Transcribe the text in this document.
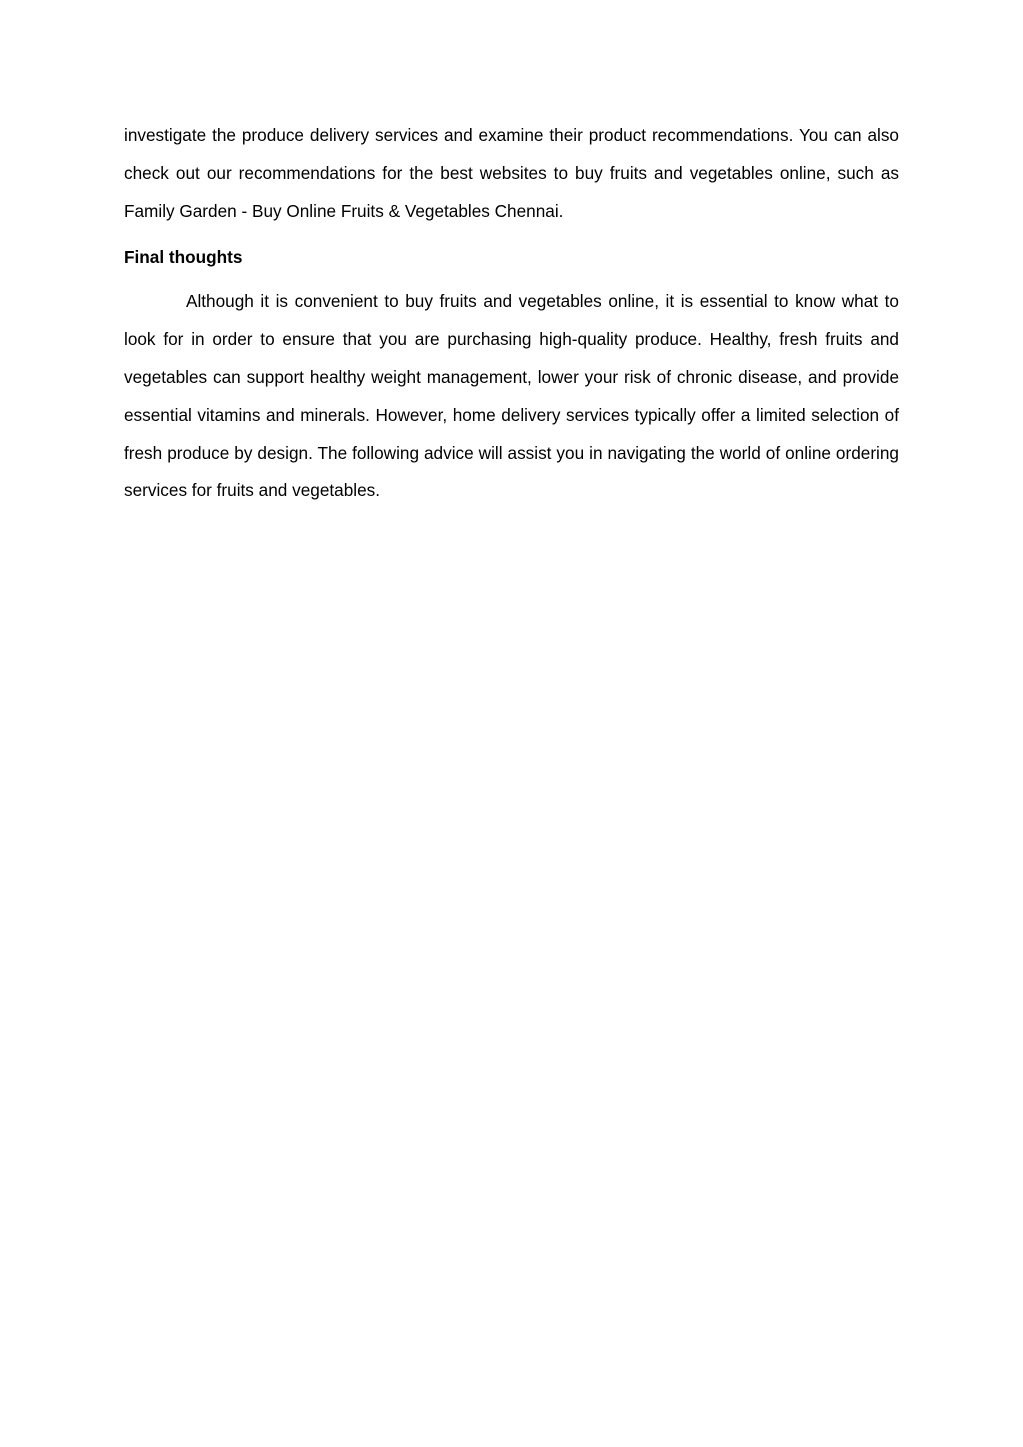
investigate the produce delivery services and examine their product recommendations. You can also check out our recommendations for the best websites to buy fruits and vegetables online, such as Family Garden - Buy Online Fruits & Vegetables Chennai.

Final thoughts

Although it is convenient to buy fruits and vegetables online, it is essential to know what to look for in order to ensure that you are purchasing high-quality produce. Healthy, fresh fruits and vegetables can support healthy weight management, lower your risk of chronic disease, and provide essential vitamins and minerals. However, home delivery services typically offer a limited selection of fresh produce by design. The following advice will assist you in navigating the world of online ordering services for fruits and vegetables.
